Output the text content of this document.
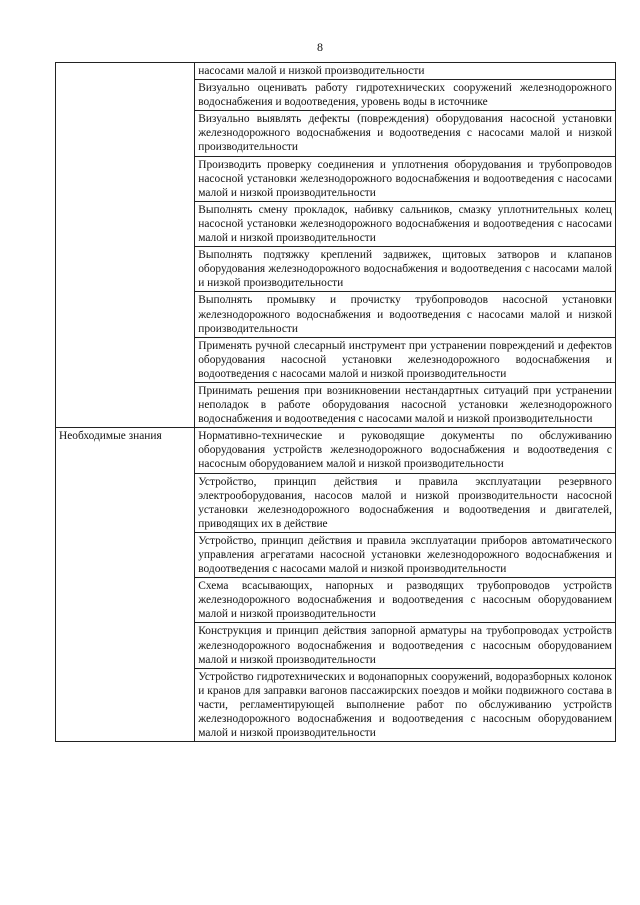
8
	насосами малой и низкой производительности
	Визуально оценивать работу гидротехнических сооружений железнодорожного водоснабжения и водоотведения, уровень воды в источнике
	Визуально выявлять дефекты (повреждения) оборудования насосной установки железнодорожного водоснабжения и водоотведения с насосами малой и низкой производительности
	Производить проверку соединения и уплотнения оборудования и трубопроводов насосной установки железнодорожного водоснабжения и водоотведения с насосами малой и низкой производительности
	Выполнять смену прокладок, набивку сальников, смазку уплотнительных колец насосной установки железнодорожного водоснабжения и водоотведения с насосами малой и низкой производительности
	Выполнять подтяжку креплений задвижек, щитовых затворов и клапанов оборудования железнодорожного водоснабжения и водоотведения с насосами малой и низкой производительности
	Выполнять промывку и прочистку трубопроводов насосной установки железнодорожного водоснабжения и водоотведения с насосами малой и низкой производительности
	Применять ручной слесарный инструмент при устранении повреждений и дефектов оборудования насосной установки железнодорожного водоснабжения и водоотведения с насосами малой и низкой производительности
	Принимать решения при возникновении нестандартных ситуаций при устранении неполадок в работе оборудования насосной установки железнодорожного водоснабжения и водоотведения с насосами малой и низкой производительности
Необходимые знания	Нормативно-технические и руководящие документы по обслуживанию оборудования устройств железнодорожного водоснабжения и водоотведения с насосным оборудованием малой и низкой производительности
	Устройство, принцип действия и правила эксплуатации резервного электрооборудования, насосов малой и низкой производительности насосной установки железнодорожного водоснабжения и водоотведения и двигателей, приводящих их в действие
	Устройство, принцип действия и правила эксплуатации приборов автоматического управления агрегатами насосной установки железнодорожного водоснабжения и водоотведения с насосами малой и низкой производительности
	Схема всасывающих, напорных и разводящих трубопроводов устройств железнодорожного водоснабжения и водоотведения с насосным оборудованием малой и низкой производительности
	Конструкция и принцип действия запорной арматуры на трубопроводах устройств железнодорожного водоснабжения и водоотведения с насосным оборудованием малой и низкой производительности
	Устройство гидротехнических и водонапорных сооружений, водоразборных колонок и кранов для заправки вагонов пассажирских поездов и мойки подвижного состава в части, регламентирующей выполнение работ по обслуживанию устройств железнодорожного водоснабжения и водоотведения с насосным оборудованием малой и низкой производительности
